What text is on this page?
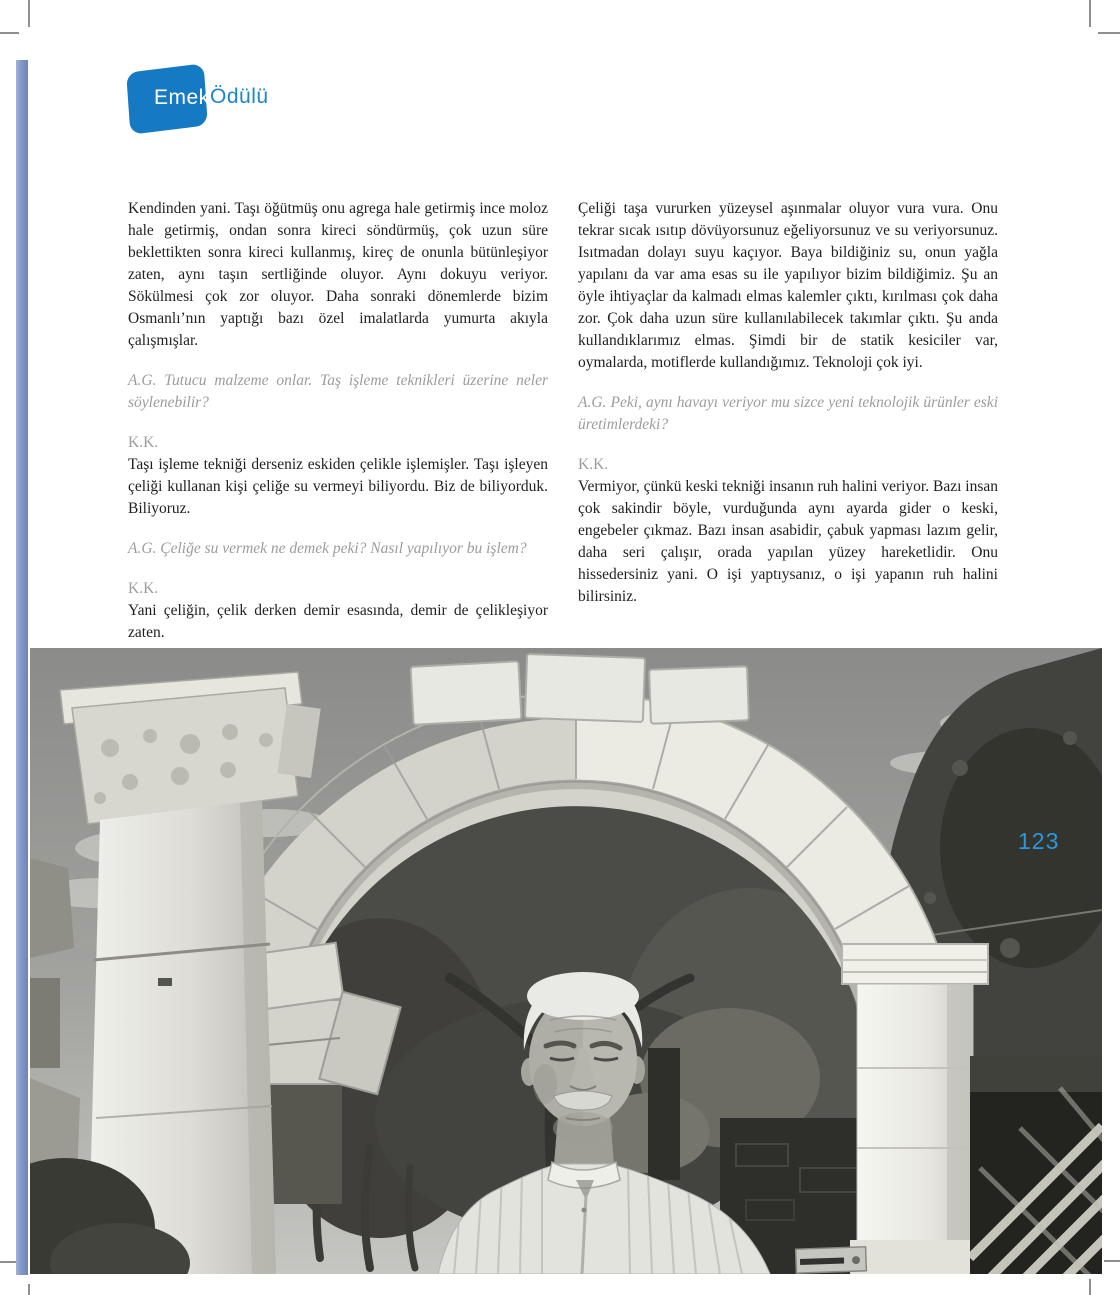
Emek Ödülü

Kendinden yani. Taşı öğütmüş onu agrega hale getirmiş ince moloz hale getirmiş, ondan sonra kireci söndürmüş, çok uzun süre beklettikten sonra kireci kullanmış, kireç de onunla bütünleşiyor zaten, aynı taşın sertliğinde oluyor. Aynı dokuyu veriyor. Sökülmesi çok zor oluyor. Daha sonraki dönemlerde bizim Osmanlı’nın yaptığı bazı özel imalatlarda yumurta akıyla çalışmışlar.

A.G. Tutucu malzeme onlar. Taş işleme teknikleri üzerine neler söylenebilir?

K.K.

Taşı işleme tekniği derseniz eskiden çelikle işlemişler. Taşı işleyen çeliği kullanan kişi çeliğe su vermeyi biliyordu. Biz de biliyorduk. Biliyoruz.

A.G. Çeliğe su vermek ne demek peki? Nasıl yapılıyor bu işlem?

K.K.

Yani çeliğin, çelik derken demir esasında, demir de çelikleşiyor zaten.

Çeliği taşa vururken yüzeysel aşınmalar oluyor vura vura. Onu tekrar sıcak ısıtıp dövüyorsunuz eğeliyorsunuz ve su veriyorsunuz. Isıtmadan dolayı suyu kaçıyor. Baya bildiğiniz su, onun yağla yapılanı da var ama esas su ile yapılıyor bizim bildiğimiz. Şu an öyle ihtiyaçlar da kalmadı elmas kalemler çıktı, kırılması çok daha zor. Çok daha uzun süre kullanılabilecek takımlar çıktı. Şu anda kullandıklarımız elmas. Şimdi bir de statik kesiciler var, oymalarda, motiflerde kullandığımız. Teknoloji çok iyi.

A.G. Peki, aynı havayı veriyor mu sizce yeni teknolojik ürünler eski üretimlerdeki?

K.K.

Vermiyor, çünkü keski tekniği insanın ruh halini veriyor. Bazı insan çok sakindir böyle, vurduğunda aynı ayarda gider o keski, engebeler çıkmaz. Bazı insan asabidir, çabuk yapması lazım gelir, daha seri çalışır, orada yapılan yüzey hareketlidir. Onu hissedersiniz yani. O işi yaptıysanız, o işi yapanın ruh halini bilirsiniz.

123
